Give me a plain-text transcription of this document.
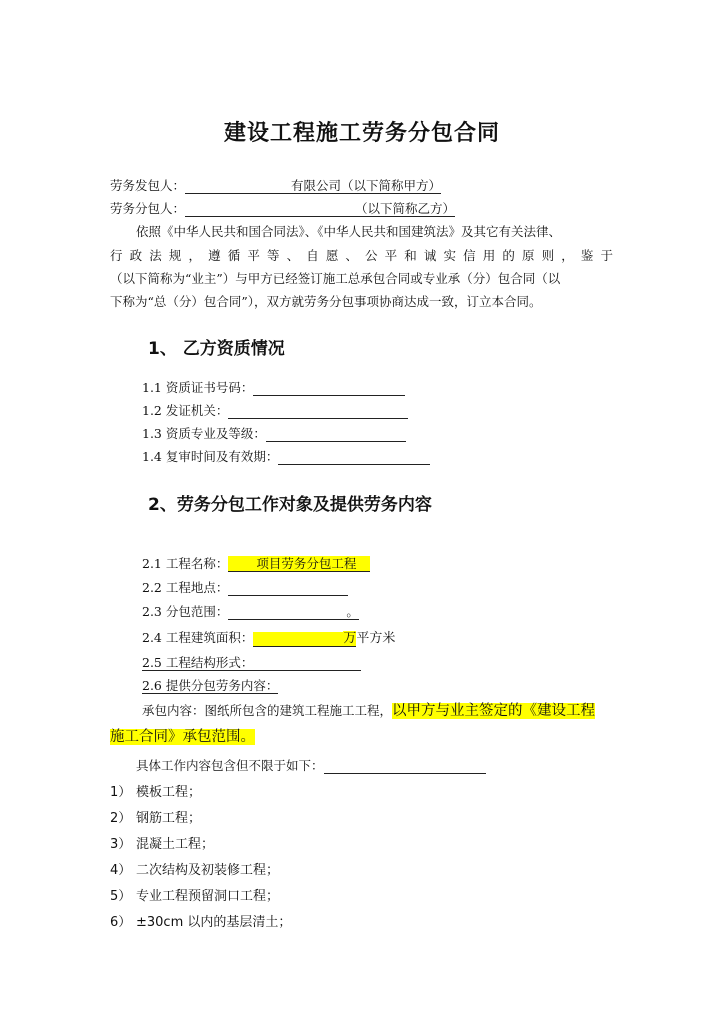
建设工程施工劳务分包合同
劳务发包人：	有限公司（以下简称甲方）
劳务分包人：	（以下简称乙方）
依照《中华人民共和国合同法》、《中华人民共和国建筑法》及其它有关法律、
行政法规，遵循平等、自愿、公平和诚实信用的原则，鉴于
（以下简称为“业主”）与甲方已经签订施工总承包合同或专业承（分）包合同（以
下称为“总（分）包合同”），双方就劳务分包事项协商达成一致，订立本合同。
1、 乙方资质情况
1.1 资质证书号码：
1.2 发证机关：
1.3 资质专业及等级：
1.4 复审时间及有效期：
2、劳务分包工作对象及提供劳务内容
2.1 工程名称： 项目劳务分包工程
2.2 工程地点：
2.3 分包范围：	。
2.4 工程建筑面积：	万平方米
2.5 工程结构形式：
2.6 提供分包劳务内容：
承包内容：图纸所包含的建筑工程施工工程，以甲方与业主签定的《建设工程
施工合同》承包范围。
具体工作内容包含但不限于如下：
1） 模板工程；
2） 钢筋工程；
3） 混凝土工程；
4） 二次结构及初装修工程；
5） 专业工程预留洞口工程；
6） ±30cm 以内的基层清土；
